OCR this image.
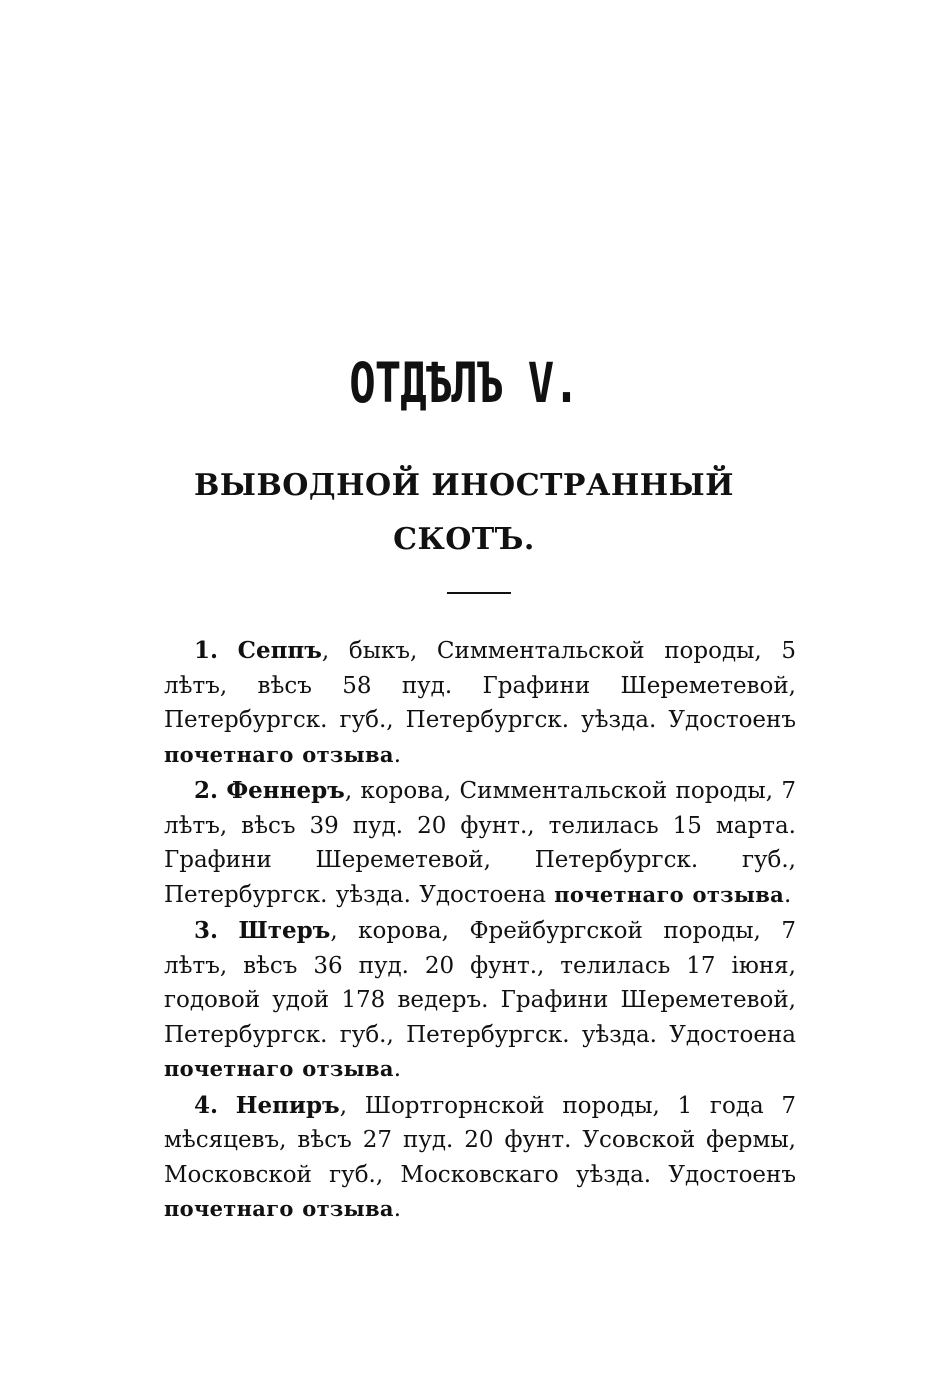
ОТДѢЛЪ V.
ВЫВОДНОЙ ИНОСТРАННЫЙ
СКОТЪ.

1. Сеппъ, быкъ, Симментальской породы, 5 лѣтъ, вѣсъ 58 пуд. Графини Шереметевой, Петербургск. губ., Петербургск. уѣзда. Удостоенъ почетнаго отзыва.

2. Феннеръ, корова, Симментальской породы, 7 лѣтъ, вѣсъ 39 пуд. 20 фунт., телилась 15 марта. Графини Шереметевой, Петербургск. губ., Петербургск. уѣзда. Удостоена почетнаго отзыва.

3. Штеръ, корова, Фрейбургской породы, 7 лѣтъ, вѣсъ 36 пуд. 20 фунт., телилась 17 іюня, годовой удой 178 ведеръ. Графини Шереметевой, Петербургск. губ., Петербургск. уѣзда. Удостоена почетнаго отзыва.

4. Непиръ, Шортгорнской породы, 1 года 7 мѣсяцевъ, вѣсъ 27 пуд. 20 фунт. Усовской фермы, Московской губ., Московскаго уѣзда. Удостоенъ почетнаго отзыва.
